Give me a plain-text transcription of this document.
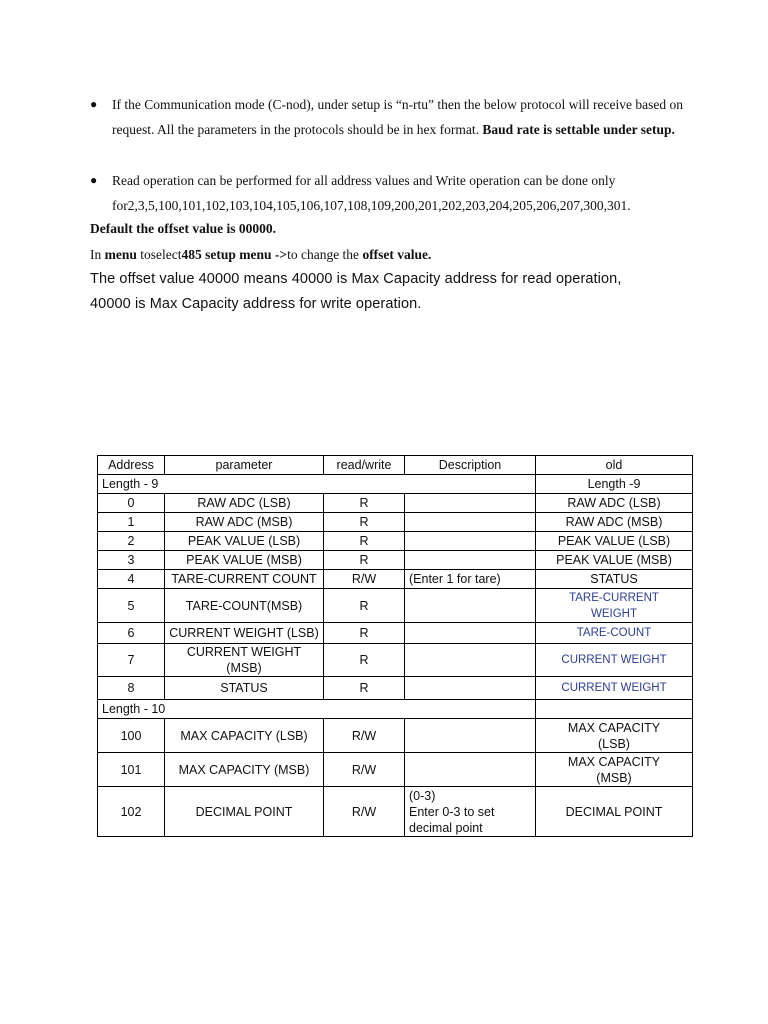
● If the Communication mode (C-nod), under setup is “n-rtu” then the below protocol will receive based on request. All the parameters in the protocols should be in hex format. Baud rate is settable under setup.
● Read operation can be performed for all address values and Write operation can be done only for2,3,5,100,101,102,103,104,105,106,107,108,109,200,201,202,203,204,205,206,207,300,301.
Default the offset value is 00000.
In menu toselect485 setup menu ->to change the offset value.
The offset value 40000 means 40000 is Max Capacity address for read operation,
40000 is Max Capacity address for write operation.
Address	parameter	read/write	Description	old
Length - 9				Length -9
0	RAW ADC (LSB)	R		RAW ADC (LSB)
1	RAW ADC (MSB)	R		RAW ADC (MSB)
2	PEAK VALUE (LSB)	R		PEAK VALUE (LSB)
3	PEAK VALUE (MSB)	R		PEAK VALUE (MSB)
4	TARE-CURRENT COUNT	R/W	(Enter 1 for tare)	STATUS
5	TARE-COUNT(MSB)	R		TARE-CURRENT
WEIGHT

6	CURRENT WEIGHT (LSB)	R		TARE-COUNT
7	CURRENT WEIGHT (MSB)	R		CURRENT WEIGHT
8	STATUS	R		CURRENT WEIGHT
Length - 10				
100	MAX CAPACITY (LSB)	R/W		MAX CAPACITY
(LSB)

101	MAX CAPACITY (MSB)	R/W		MAX CAPACITY
(MSB)

102	DECIMAL POINT	R/W	(0-3)
Enter 0-3 to set
decimal point	DECIMAL POINT
